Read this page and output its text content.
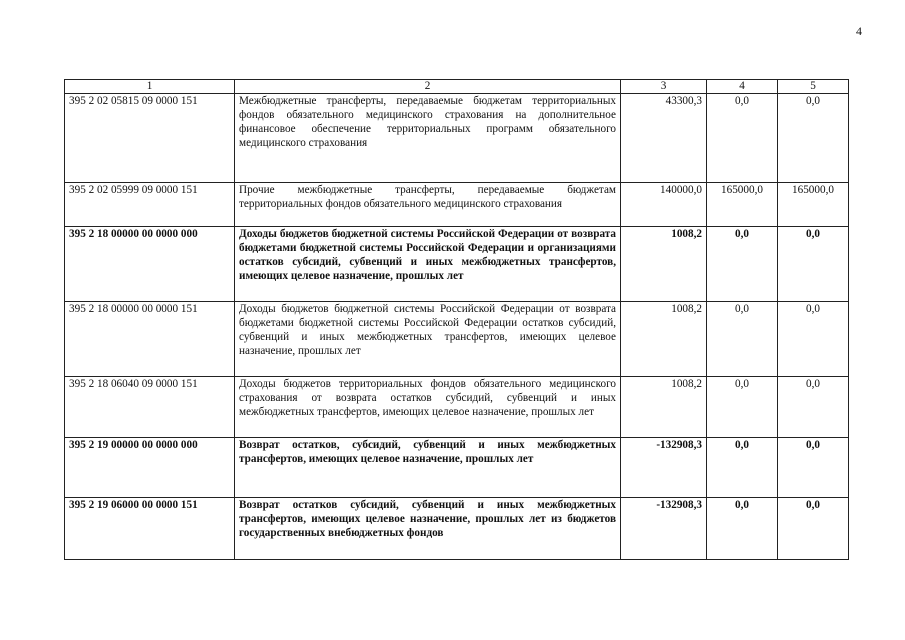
4
1	2	3	4	5
395 2 02 05815 09 0000 151	Межбюджетные трансферты, передаваемые бюджетам территориальных фондов обязательного медицинского страхования на дополнительное финансовое обеспечение территориальных программ обязательного медицинского страхования	43300,3	0,0	0,0
395 2 02 05999 09 0000 151	Прочие межбюджетные трансферты, передаваемые бюджетам территориальных фондов обязательного медицинского страхования	140000,0	165000,0	165000,0
395 2 18 00000 00 0000 000	Доходы бюджетов бюджетной системы Российской Федерации от возврата бюджетами бюджетной системы Российской Федерации и организациями остатков субсидий, субвенций и иных межбюджетных трансфертов, имеющих целевое назначение, прошлых лет	1008,2	0,0	0,0
395 2 18 00000 00 0000 151	Доходы бюджетов бюджетной системы Российской Федерации от возврата бюджетами бюджетной системы Российской Федерации остатков субсидий, субвенций и иных межбюджетных трансфертов, имеющих целевое назначение, прошлых лет	1008,2	0,0	0,0
395 2 18 06040 09 0000 151	Доходы бюджетов территориальных фондов обязательного медицинского страхования от возврата остатков субсидий, субвенций и иных межбюджетных трансфертов, имеющих целевое назначение, прошлых лет	1008,2	0,0	0,0
395 2 19 00000 00 0000 000	Возврат остатков, субсидий, субвенций и иных межбюджетных трансфертов, имеющих целевое назначение, прошлых лет	-132908,3	0,0	0,0
395 2 19 06000 00 0000 151	Возврат остатков субсидий, субвенций и иных межбюджетных трансфертов, имеющих целевое назначение, прошлых лет из бюджетов государственных внебюджетных фондов	-132908,3	0,0	0,0
